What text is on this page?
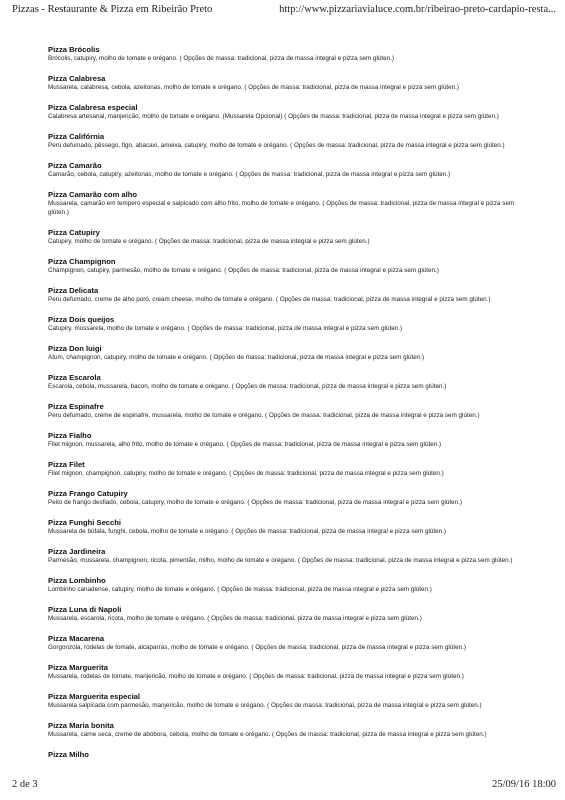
Pizzas - Restaurante & Pizza em Ribeirão Preto	http://www.pizzariavialuce.com.br/ribeirao-preto-cardapio-resta...
Pizza Brócolis
Brócolis, catupiry, molho de tomate e orégano. ( Opções de massa: tradicional, pizza de massa integral e pizza sem glúten.)
Pizza Calabresa
Mussarela, calabresa, cebola, azeitonas, molho de tomate e orégano. ( Opções de massa: tradicional, pizza de massa integral e pizza sem glúten.)
Pizza Calabresa especial
Calabresa artesanal, manjericão, molho de tomate e orégano. (Mussarela Opcional) ( Opções de massa: tradicional, pizza de massa integral e pizza sem glúten.)
Pizza Califórnia
Peru defumado, pêssego, figo, abacaxi, ameixa, catupiry, molho de tomate e orégano. ( Opções de massa: tradicional, pizza de massa integral e pizza sem glúten.)
Pizza Camarão
Camarão, cebola, catupiry, azeitonas, molho de tomate e orégano. ( Opções de massa: tradicional, pizza de massa integral e pizza sem glúten.)
Pizza Camarão com alho
Mussarela, camarão em tempero especial e salpicado com alho frito, molho de tomate e orégano. ( Opções de massa: tradicional, pizza de massa integral e pizza sem glúten.)
Pizza Catupiry
Catupiry, molho de tomate e orégano. ( Opções de massa: tradicional, pizza de massa integral e pizza sem glúten.)
Pizza Champignon
Champignon, catupiry, parmesão, molho de tomate e orégano. ( Opções de massa: tradicional, pizza de massa integral e pizza sem glúten.)
Pizza Delicata
Peru defumado, creme de alho poró, cream cheese, molho de tomate e orégano. ( Opções de massa: tradicional, pizza de massa integral e pizza sem glúten.)
Pizza Dois queijos
Catupiry, mussarela, molho de tomate e orégano. ( Opções de massa: tradicional, pizza de massa integral e pizza sem glúten.)
Pizza Don luigi
Atum, champignon, catupiry, molho de tomate e orégano. ( Opções de massa: tradicional, pizza de massa integral e pizza sem glúten.)
Pizza Escarola
Escarola, cebola, mussarela, bacon, molho de tomate e orégano. ( Opções de massa: tradicional, pizza de massa integral e pizza sem glúten.)
Pizza Espinafre
Peru defumado, creme de espinafre, mussarela, molho de tomate e orégano. ( Opções de massa: tradicional, pizza de massa integral e pizza sem glúten.)
Pizza Fialho
Filet mignon, mussarela, alho frito, molho de tomate e orégano. ( Opções de massa: tradicional, pizza de massa integral e pizza sem glúten.)
Pizza Filet
Filet mignon, champignon, catupiry, molho de tomate e orégano. ( Opções de massa: tradicional, pizza de massa integral e pizza sem glúten.)
Pizza Frango Catupiry
Peito de frango desfiado, cebola, catupiry, molho de tomate e orégano. ( Opções de massa: tradicional, pizza de massa integral e pizza sem glúten.)
Pizza Funghi Secchi
Mussarela de búfala, funghi, cebola, molho de tomate e orégano. ( Opções de massa: tradicional, pizza de massa integral e pizza sem glúten.)
Pizza Jardineira
Parmesão, mussarela, champignon, ricota, pimentão, milho, molho de tomate e orégano. ( Opções de massa: tradicional, pizza de massa integral e pizza sem glúten.)
Pizza Lombinho
Lombinho canadense, catupiry, molho de tomate e orégano. ( Opções de massa: tradicional, pizza de massa integral e pizza sem glúten.)
Pizza Luna di Napoli
Mussarela, escarola, ricota, molho de tomate e orégano. ( Opções de massa: tradicional, pizza de massa integral e pizza sem glúten.)
Pizza Macarena
Gorgonzola, rodelas de tomate, alcaparras, molho de tomate e orégano. ( Opções de massa: tradicional, pizza de massa integral e pizza sem glúten.)
Pizza Marguerita
Mussarela, rodelas de tomate, manjericão, molho de tomate e orégano. ( Opções de massa: tradicional, pizza de massa integral e pizza sem glúten.)
Pizza Marguerita especial
Mussarela salpicada com parmesão, manjericão, molho de tomate e orégano. ( Opções de massa: tradicional, pizza de massa integral e pizza sem glúten.)
Pizza Maria bonita
Mussarela, carne seca, creme de abóbora, cebola, molho de tomate e orégano. ( Opções de massa: tradicional, pizza de massa integral e pizza sem glúten.)
Pizza Milho
2 de 3	25/09/16 18:00
